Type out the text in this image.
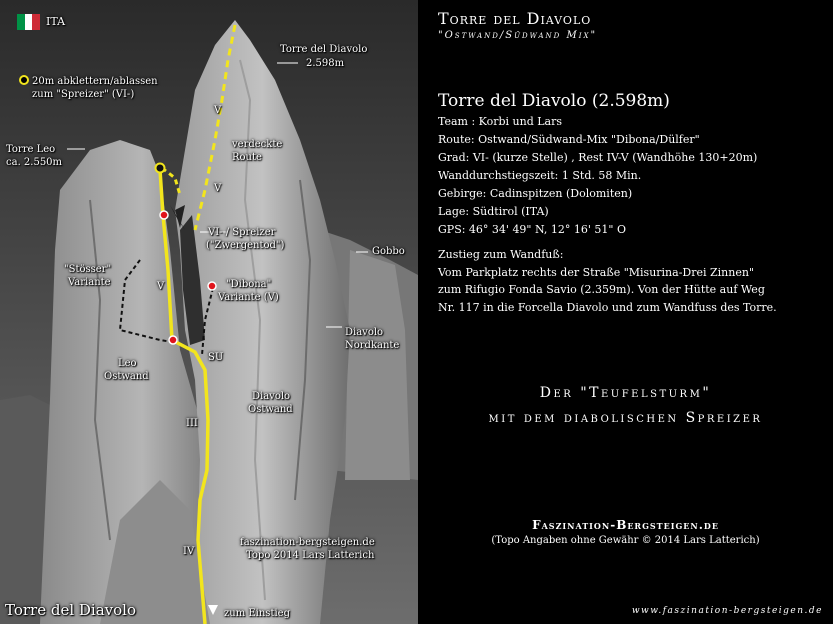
ITA
20m abklettern/ablassen
zum "Spreizer" (VI-)
Torre del Diavolo
2.598m
Torre Leo
ca. 2.550m
verdeckte
Route
V
V
VI- / Spreizer
("Zwergentod")
Gobbo
"Stösser"
Variante	V	"Dibona"
Variante (V)
Diavolo
Nordkante
Leo
Ostwand
SU
Diavolo
Ostwand
III
IV
faszination-bergsteigen.de
Topo 2014 Lars Latterich
zum Einstieg
Torre del Diavolo
Torre del Diavolo
"Ostwand/Südwand Mix"
Torre del Diavolo (2.598m)
Team : Korbi und Lars
Route: Ostwand/Südwand-Mix "Dibona/Dülfer"
Grad: VI- (kurze Stelle) , Rest IV-V (Wandhöhe 130+20m)
Wanddurchstiegszeit: 1 Std. 58 Min.
Gebirge: Cadinspitzen (Dolomiten)
Lage: Südtirol (ITA)
GPS: 46° 34' 49" N, 12° 16' 51" O
Zustieg zum Wandfuß:
Vom Parkplatz rechts der Straße "Misurina-Drei Zinnen"
zum Rifugio Fonda Savio (2.359m). Von der Hütte auf Weg
Nr. 117 in die Forcella Diavolo und zum Wandfuss des Torre.
Der "Teufelsturm"
mit dem diabolischen Spreizer
Faszination-Bergsteigen.de
(Topo Angaben ohne Gewähr © 2014 Lars Latterich)
www.faszination-bergsteigen.de
